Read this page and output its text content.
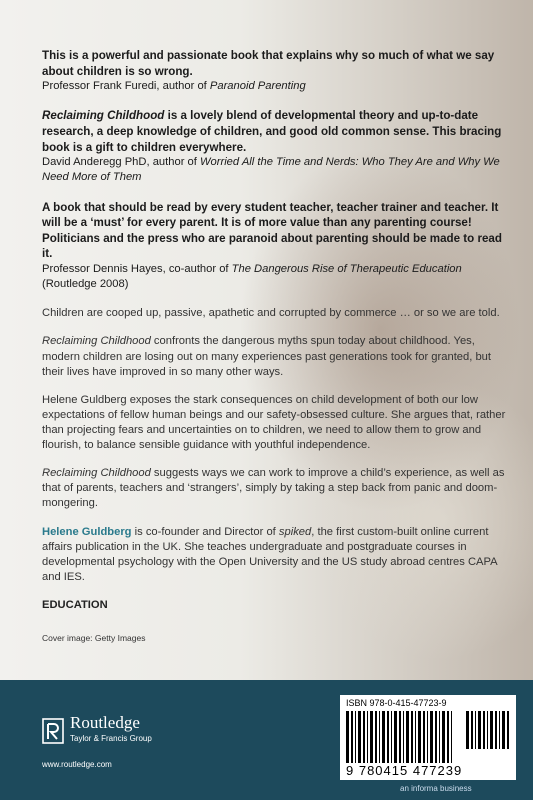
This is a powerful and passionate book that explains why so much of what we say about children is so wrong.
Professor Frank Furedi, author of Paranoid Parenting
Reclaiming Childhood is a lovely blend of developmental theory and up-to-date research, a deep knowledge of children, and good old common sense. This bracing book is a gift to children everywhere.
David Anderegg PhD, author of Worried All the Time and Nerds: Who They Are and Why We Need More of Them
A book that should be read by every student teacher, teacher trainer and teacher. It will be a ‘must’ for every parent. It is of more value than any parenting course! Politicians and the press who are paranoid about parenting should be made to read it.
Professor Dennis Hayes, co-author of The Dangerous Rise of Therapeutic Education (Routledge 2008)

Children are cooped up, passive, apathetic and corrupted by commerce … or so we are told.

Reclaiming Childhood confronts the dangerous myths spun today about childhood. Yes, modern children are losing out on many experiences past generations took for granted, but their lives have improved in so many other ways.

Helene Guldberg exposes the stark consequences on child development of both our low expectations of fellow human beings and our safety-obsessed culture. She argues that, rather than projecting fears and uncertainties on to children, we need to allow them to grow and flourish, to balance sensible guidance with youthful independence.

Reclaiming Childhood suggests ways we can work to improve a child’s experience, as well as that of parents, teachers and ‘strangers’, simply by taking a step back from panic and doom-mongering.

Helene Guldberg is co-founder and Director of spiked, the first custom-built online current affairs publication in the UK. She teaches undergraduate and postgraduate courses in developmental psychology with the Open University and the US study abroad centres CAPA and IES.

EDUCATION

Cover image: Getty Images

Routledge
Taylor & Francis Group
www.routledge.com
ISBN 978-0-415-47723-9
9 780415 477239
an informa business
